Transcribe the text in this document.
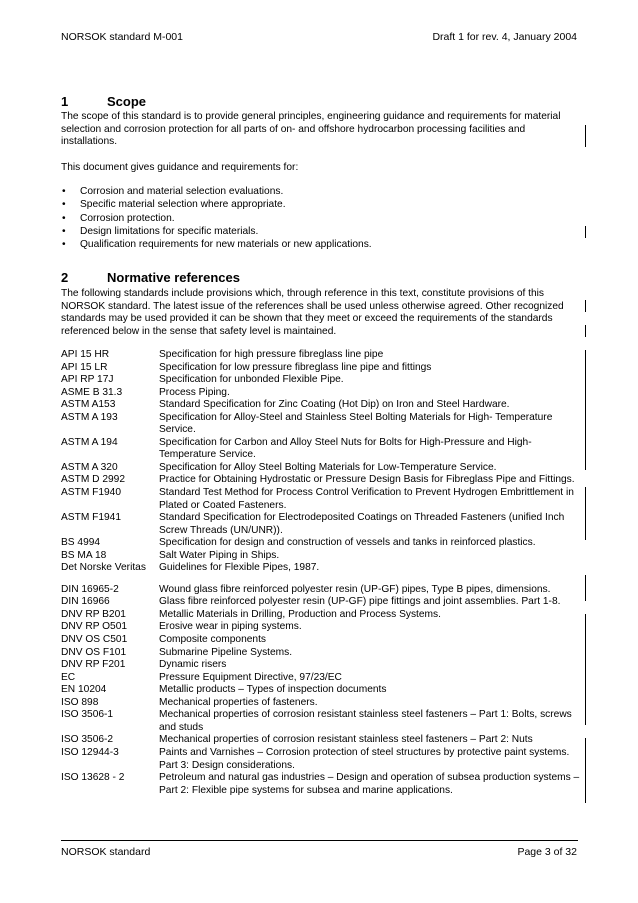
NORSOK standard M-001	Draft 1 for rev. 4, January 2004
1	Scope
The scope of this standard is to provide general principles, engineering guidance and requirements for material selection and corrosion protection for all parts of on- and offshore hydrocarbon processing facilities and installations.
This document gives guidance and requirements for:
• Corrosion and material selection evaluations.
• Specific material selection where appropriate.
• Corrosion protection.
• Design limitations for specific materials.
• Qualification requirements for new materials or new applications.
2	Normative references
The following standards include provisions which, through reference in this text, constitute provisions of this NORSOK standard. The latest issue of the references shall be used unless otherwise agreed. Other recognized standards may be used provided it can be shown that they meet or exceed the requirements of the standards referenced below in the sense that safety level is maintained.
API 15 HR	Specification for high pressure fibreglass line pipe
API 15 LR	Specification for low pressure fibreglass line pipe and fittings
API RP 17J	Specification for unbonded Flexible Pipe.
ASME B 31.3	Process Piping.
ASTM A153	Standard Specification for Zinc Coating (Hot Dip) on Iron and Steel Hardware.
ASTM A 193	Specification for Alloy-Steel and Stainless Steel Bolting Materials for High- Temperature Service.
ASTM A 194	Specification for Carbon and Alloy Steel Nuts for Bolts for High-Pressure and High-Temperature Service.
ASTM A 320	Specification for Alloy Steel Bolting Materials for Low-Temperature Service.
ASTM D 2992	Practice for Obtaining Hydrostatic or Pressure Design Basis for Fibreglass Pipe and Fittings.
ASTM F1940	Standard Test Method for Process Control Verification to Prevent Hydrogen Embrittlement in Plated or Coated Fasteners.
ASTM F1941	Standard Specification for Electrodeposited Coatings on Threaded Fasteners (unified Inch Screw Threads (UN/UNR)).
BS 4994	Specification for design and construction of vessels and tanks in reinforced plastics.
BS MA 18	Salt Water Piping in Ships.
Det Norske Veritas	Guidelines for Flexible Pipes, 1987.
DIN 16965-2	Wound glass fibre reinforced polyester resin (UP-GF) pipes, Type B pipes, dimensions.
DIN 16966	Glass fibre reinforced polyester resin (UP-GF) pipe fittings and joint assemblies. Part 1-8.
DNV RP B201	Metallic Materials in Drilling, Production and Process Systems.
DNV RP O501	Erosive wear in piping systems.
DNV OS C501	Composite components
DNV OS F101	Submarine Pipeline Systems.
DNV RP F201	Dynamic risers
EC	Pressure Equipment Directive, 97/23/EC
EN 10204	Metallic products – Types of inspection documents
ISO 898	Mechanical properties of fasteners.
ISO 3506-1	Mechanical properties of corrosion resistant stainless steel fasteners – Part 1: Bolts, screws and studs
ISO 3506-2	Mechanical properties of corrosion resistant stainless steel fasteners – Part 2: Nuts
ISO 12944-3	Paints and Varnishes – Corrosion protection of steel structures by protective paint systems. Part 3: Design considerations.
ISO 13628 - 2	Petroleum and natural gas industries – Design and operation of subsea production systems – Part 2: Flexible pipe systems for subsea and marine applications.
NORSOK standard	Page 3 of 32
